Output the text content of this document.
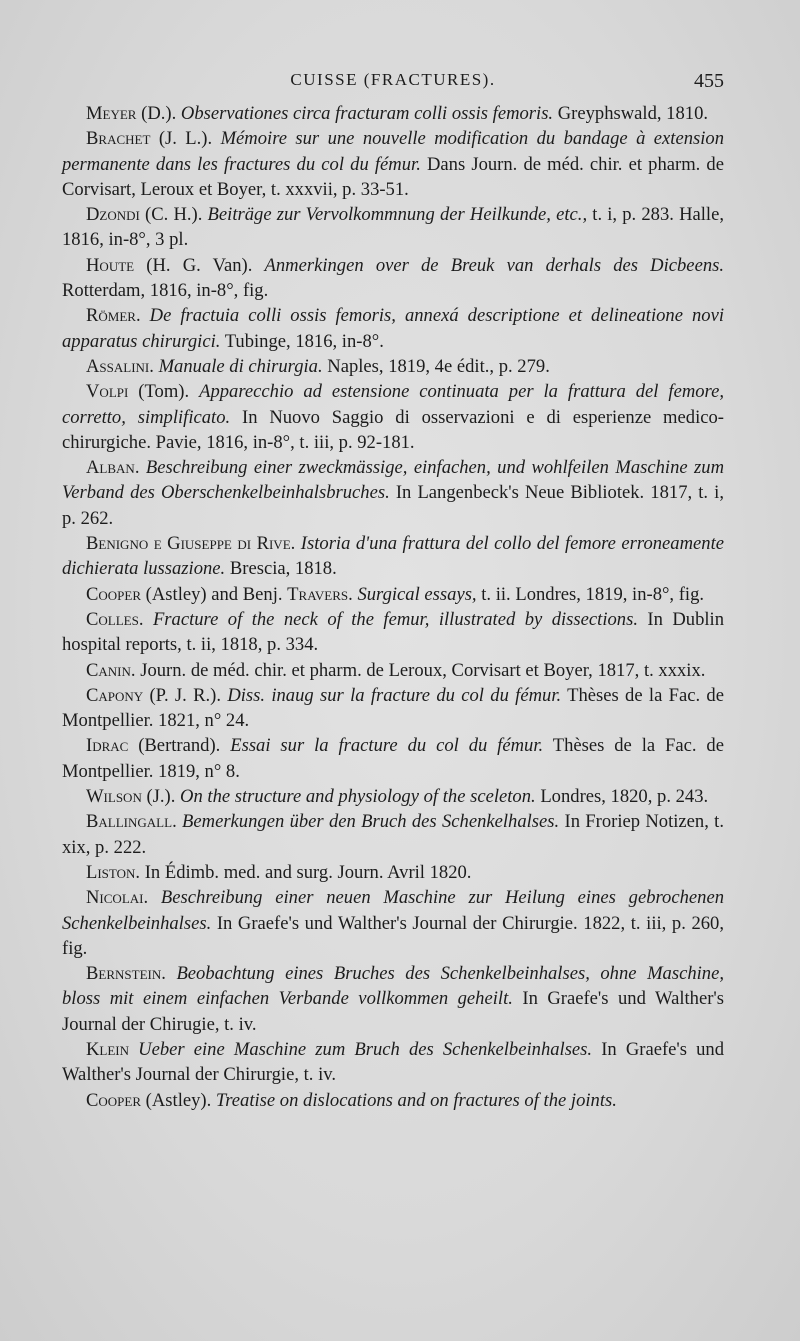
CUISSE (FRACTURES).	455

Meyer (D.). Observationes circa fracturam colli ossis femoris. Greyphswald, 1810.

Brachet (J. L.). Mémoire sur une nouvelle modification du bandage à extension permanente dans les fractures du col du fémur. Dans Journ. de méd. chir. et pharm. de Corvisart, Leroux et Boyer, t. xxxvii, p. 33-51.

Dzondi (C. H.). Beiträge zur Vervolkommnung der Heilkunde, etc., t. i, p. 283. Halle, 1816, in-8°, 3 pl.

Houte (H. G. Van). Anmerkingen over de Breuk van derhals des Dicbeens. Rotterdam, 1816, in-8°, fig.

Römer. De fractuia colli ossis femoris, annexá descriptione et delineatione novi apparatus chirurgici. Tubinge, 1816, in-8°.

Assalini. Manuale di chirurgia. Naples, 1819, 4e édit., p. 279.

Volpi (Tom). Apparecchio ad estensione continuata per la frattura del femore, corretto, simplificato. In Nuovo Saggio di osservazioni e di esperienze medico-chirurgiche. Pavie, 1816, in-8°, t. iii, p. 92-181.

Alban. Beschreibung einer zweckmässige, einfachen, und wohlfeilen Maschine zum Verband des Oberschenkelbeinhalsbruches. In Langenbeck's Neue Bibliotek. 1817, t. i, p. 262.

Benigno e Giuseppe di Rive. Istoria d'una frattura del collo del femore erroneamente dichierata lussazione. Brescia, 1818.

Cooper (Astley) and Benj. Travers. Surgical essays, t. ii. Londres, 1819, in-8°, fig.

Colles. Fracture of the neck of the femur, illustrated by dissections. In Dublin hospital reports, t. ii, 1818, p. 334.

Canin. Journ. de méd. chir. et pharm. de Leroux, Corvisart et Boyer, 1817, t. xxxix.

Capony (P. J. R.). Diss. inaug sur la fracture du col du fémur. Thèses de la Fac. de Montpellier. 1821, n° 24.

Idrac (Bertrand). Essai sur la fracture du col du fémur. Thèses de la Fac. de Montpellier. 1819, n° 8.

Wilson (J.). On the structure and physiology of the sceleton. Londres, 1820, p. 243.

Ballingall. Bemerkungen über den Bruch des Schenkelhalses. In Froriep Notizen, t. xix, p. 222.

Liston. In Édimb. med. and surg. Journ. Avril 1820.

Nicolai. Beschreibung einer neuen Maschine zur Heilung eines gebrochenen Schenkelbeinhalses. In Graefe's und Walther's Journal der Chirurgie. 1822, t. iii, p. 260, fig.

Bernstein. Beobachtung eines Bruches des Schenkelbeinhalses, ohne Maschine, bloss mit einem einfachen Verbande vollkommen geheilt. In Graefe's und Walther's Journal der Chirugie, t. iv.

Klein Ueber eine Maschine zum Bruch des Schenkelbeinhalses. In Graefe's und Walther's Journal der Chirurgie, t. iv.

Cooper (Astley). Treatise on dislocations and on fractures of the joints.
